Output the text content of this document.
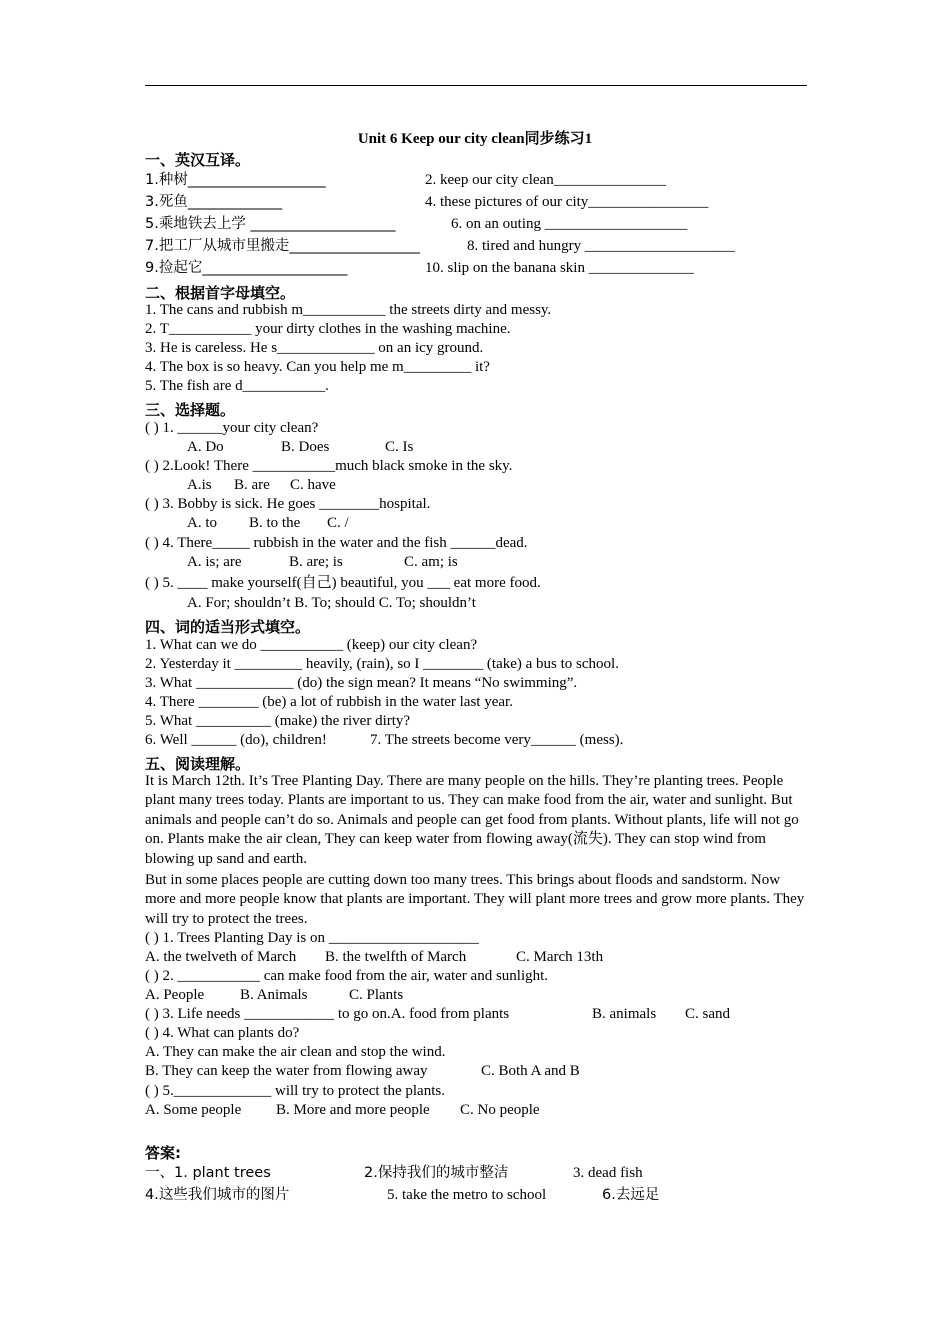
Unit 6 Keep our city clean同步练习1
一、英汉互译。
1.种树___________________	2. keep our city clean_______________
3.死鱼_____________	4. these pictures of our city________________
5.乘地铁去上学 ____________________	6. on an outing ___________________
7.把工厂从城市里搬走__________________	8. tired and hungry ____________________
9.捡起它____________________	10. slip on the banana skin ______________
二、根据首字母填空。
1. The cans and rubbish m___________ the streets dirty and messy.
2. T___________ your dirty clothes in the washing machine.
3. He is careless. He s_____________ on an icy ground.
4. The box is so heavy. Can you help me m_________ it?
5. The fish are d___________.
三、选择题。
( ) 1. ______your city clean?
A. Do	B. Does	C. Is
( ) 2.Look! There ___________much black smoke in the sky.
A.is B. are C. have
( ) 3. Bobby is sick. He goes ________hospital.
A. to B. to the C. /
( ) 4. There_____ rubbish in the water and the fish ______dead.
A. is; are	B. are; is	C. am; is
( ) 5. ____ make yourself(自己) beautiful, you ___ eat more food.
A. For; shouldn’t B. To; should C. To; shouldn’t
四、词的适当形式填空。
1. What can we do ___________ (keep) our city clean?
2. Yesterday it _________ heavily, (rain), so I ________ (take) a bus to school.
3. What _____________ (do) the sign mean? It means “No swimming”.
4. There ________ (be) a lot of rubbish in the water last year.
5. What __________ (make) the river dirty?
6. Well ______ (do), children!	7. The streets become very______ (mess).
五、阅读理解。
It is March 12th. It’s Tree Planting Day. There are many people on the hills. They’re planting trees. People plant many trees today. Plants are important to us. They can make food from the air, water and sunlight. But animals and people can’t do so. Animals and people can get food from plants. Without plants, life will not go on. Plants make the air clean, They can keep water from flowing away(流失). They can stop wind from blowing up sand and earth.
But in some places people are cutting down too many trees. This brings about floods and sandstorm. Now more and more people know that plants are important. They will plant more trees and grow more plants. They will try to protect the trees.
( ) 1. Trees Planting Day is on ____________________
A. the twelveth of March B. the twelfth of March	C. March 13th
( ) 2. ___________ can make food from the air, water and sunlight.
A. People B. Animals	C. Plants
( ) 3. Life needs ____________ to go on.A. food from plants	B. animals C. sand
( ) 4. What can plants do?
A. They can make the air clean and stop the wind.
B. They can keep the water from flowing away	C. Both A and B
( ) 5._____________ will try to protect the plants.
A. Some people B. More and more people C. No people
答案:
一、1. plant trees	2.保持我们的城市整洁	3. dead fish
4.这些我们城市的图片	5. take the metro to school	6.去远足
